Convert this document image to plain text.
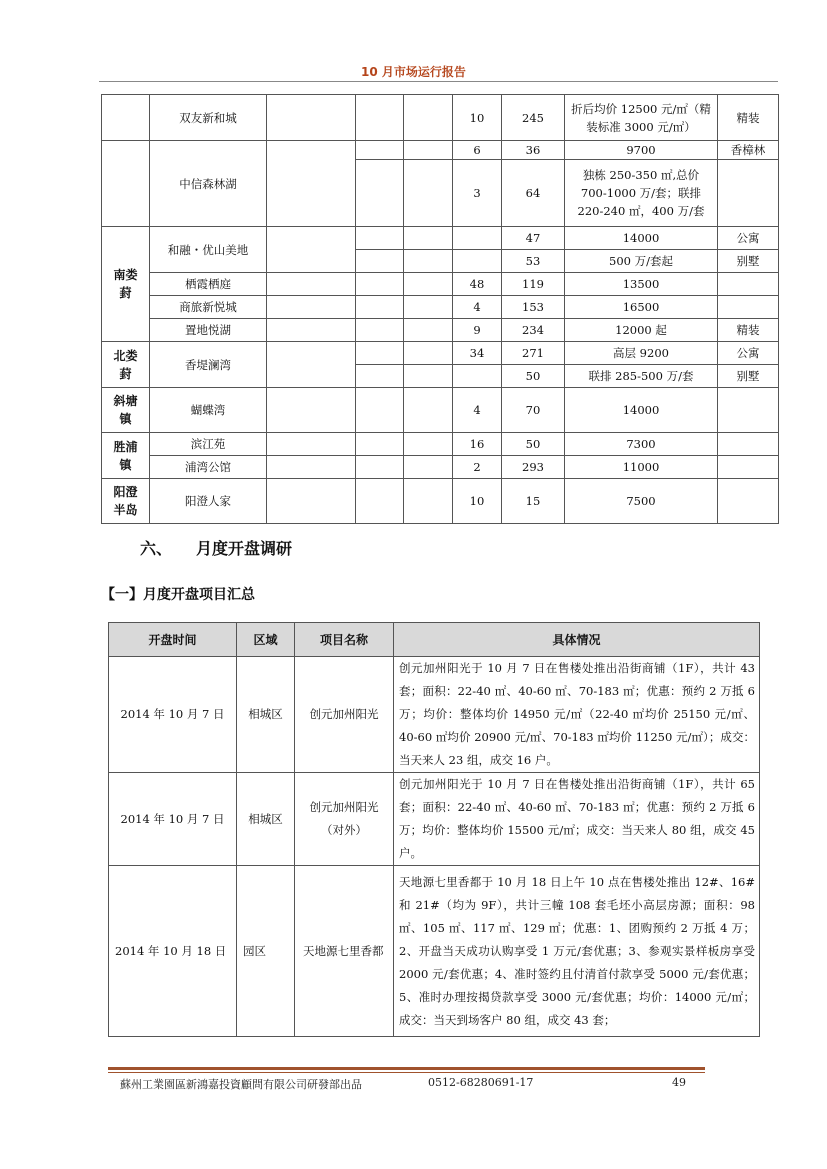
10 月市场运行报告
	双友新和城				10	245	折后均价 12500 元/㎡（精装标准 3000 元/㎡）	精装
	中信森林湖				6	36	9700	香樟林
					3	64	独栋 250-350 ㎡,总价 700-1000 万/套；联排 220-240 ㎡，400 万/套	

南娄葑	和融・优山美地					47	14000	公寓
						53	500 万/套起	别墅
	栖霞栖庭				48	119	13500	
	商旅新悦城				4	153	16500	
	置地悦湖				9	234	12000 起	精装

北娄葑	香堤澜湾				34	271	高层 9200	公寓
						50	联排 285-500 万/套	别墅

斜塘镇	蝴蝶湾				4	70	14000	

胜浦镇	滨江苑				16	50	7300	
	浦湾公馆				2	293	11000	

阳澄半岛	阳澄人家				10	15	7500	
六、 月度开盘调研
【一】月度开盘项目汇总
开盘时间	区域	项目名称	具体情况
2014 年 10 月 7 日	相城区	创元加州阳光	创元加州阳光于 10 月 7 日在售楼处推出沿街商铺（1F），共计 43 套；面积：22-40 ㎡、40-60 ㎡、70-183 ㎡；优惠：预约 2 万抵 6 万；均价：整体均价 14950 元/㎡（22-40 ㎡均价 25150 元/㎡、40-60 ㎡均价 20900 元/㎡、70-183 ㎡均价 11250 元/㎡）；成交：当天来人 23 组，成交 16 户。
2014 年 10 月 7 日	相城区	创元加州阳光（对外）	创元加州阳光于 10 月 7 日在售楼处推出沿街商铺（1F），共计 65 套；面积：22-40 ㎡、40-60 ㎡、70-183 ㎡；优惠：预约 2 万抵 6 万；均价：整体均价 15500 元/㎡；成交：当天来人 80 组，成交 45 户。
2014 年 10 月 18 日	园区	天地源七里香都	天地源七里香都于 10 月 18 日上午 10 点在售楼处推出 12#、16#和 21#（均为 9F），共计三幢 108 套毛坯小高层房源；面积：98 ㎡、105 ㎡、117 ㎡、129 ㎡；优惠：1、团购预约 2 万抵 4 万；2、开盘当天成功认购享受 1 万元/套优惠；3、参观实景样板房享受 2000 元/套优惠；4、准时签约且付清首付款享受 5000 元/套优惠；5、准时办理按揭贷款享受 3000 元/套优惠；均价：14000 元/㎡；成交：当天到场客户 80 组，成交 43 套；
蘇州工業園區新鴻嘉投資顧問有限公司研發部出品	0512-68280691-17	49
